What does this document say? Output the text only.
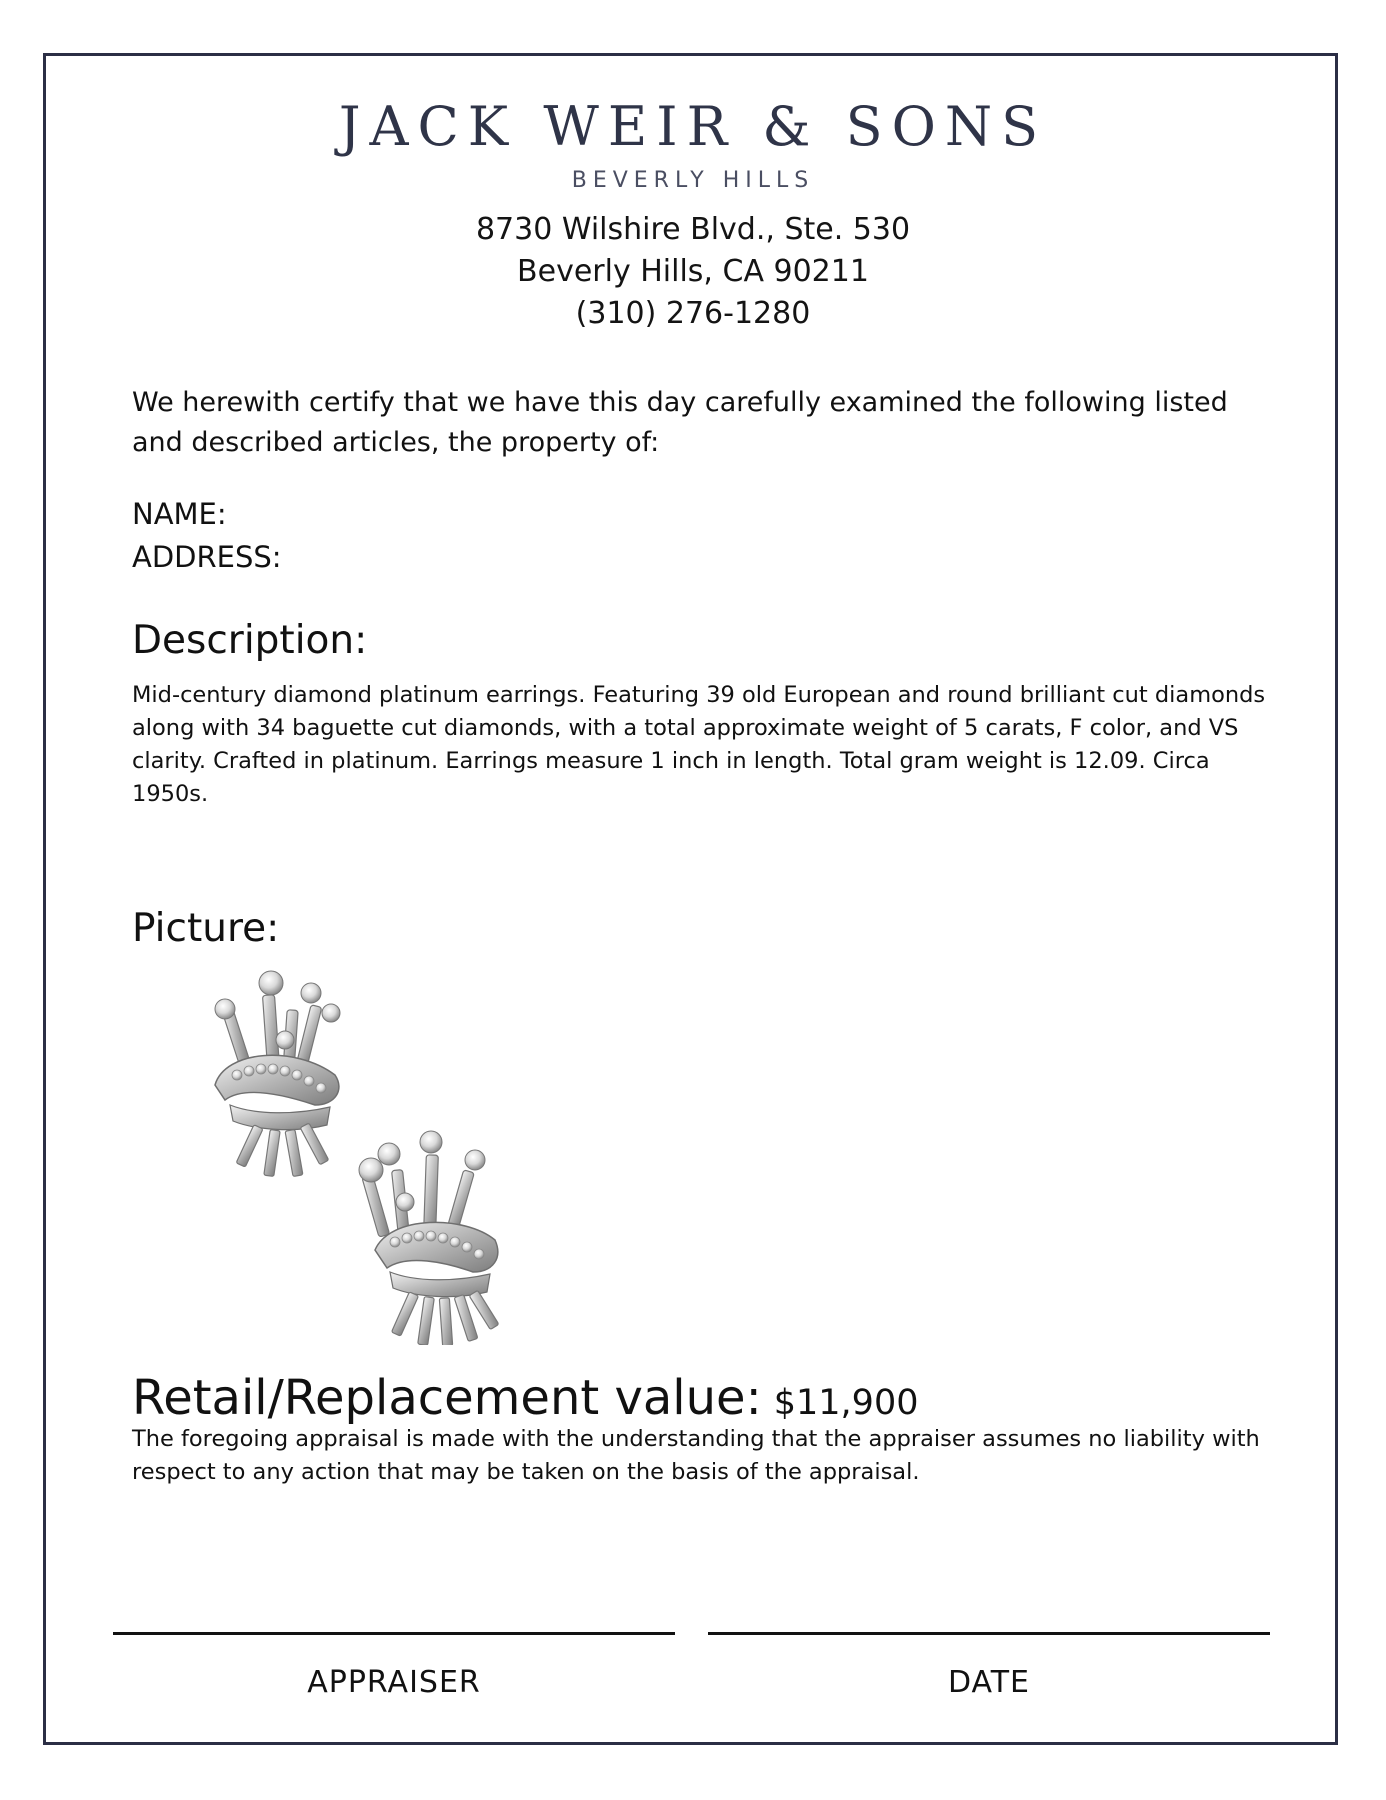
JACK WEIR & SONS
BEVERLY HILLS
8730 Wilshire Blvd., Ste. 530
Beverly Hills, CA 90211
(310) 276-1280
We herewith certify that we have this day carefully examined the following listed and described articles, the property of:
NAME:
ADDRESS:
Description:
Mid-century diamond platinum earrings. Featuring 39 old European and round brilliant cut diamonds along with 34 baguette cut diamonds, with a total approximate weight of 5 carats, F color, and VS clarity. Crafted in platinum. Earrings measure 1 inch in length. Total gram weight is 12.09. Circa 1950s.
Picture:
Retail/Replacement value: $11,900
The foregoing appraisal is made with the understanding that the appraiser assumes no liability with respect to any action that may be taken on the basis of the appraisal.
APPRAISER	DATE
